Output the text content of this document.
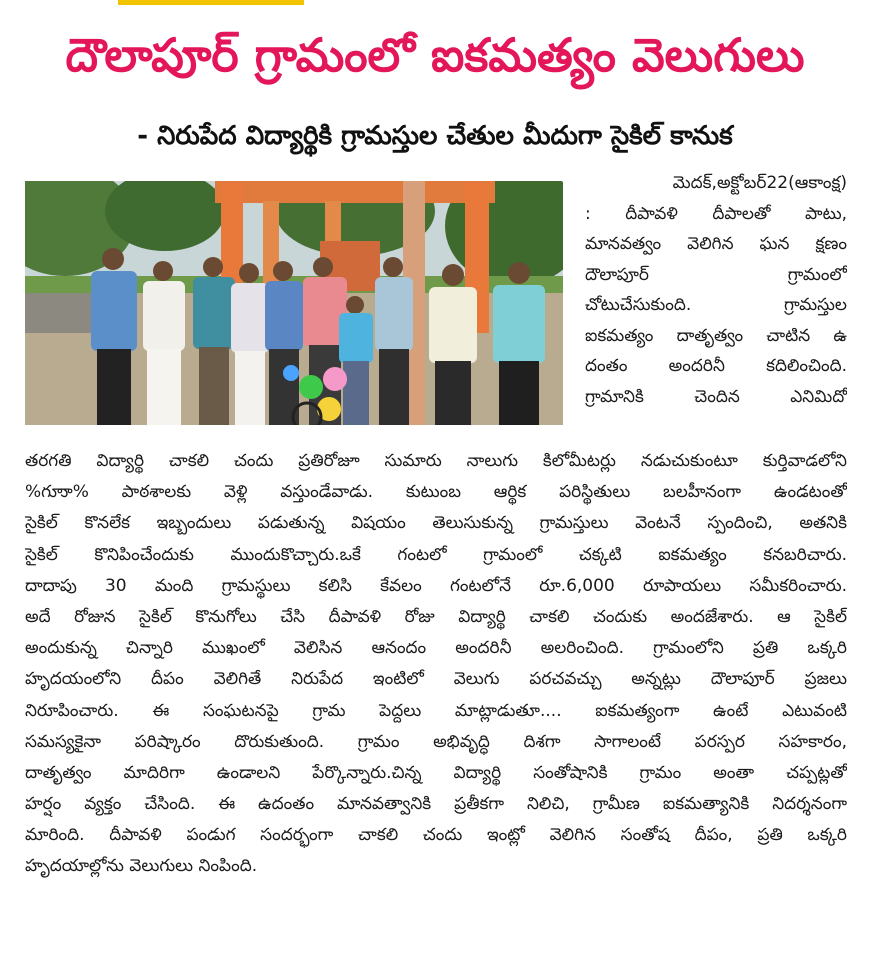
దౌలాపూర్ గ్రామంలో ఐకమత్యం వెలుగులు
- నిరుపేద విద్యార్థికి గ్రామస్తుల చేతుల మీదుగా సైకిల్ కానుక
మెదక్,అక్టోబర్22(ఆకాంక్ష)
: దీపావళి దీపాలతో పాటు,
మానవత్వం వెలిగిన ఘన క్షణం
దౌలాపూర్ గ్రామంలో
చోటుచేసుకుంది. గ్రామస్తుల
ఐకమత్యం దాతృత్వం చాటిన ఉ
దంతం అందరినీ కదిలించింది.
గ్రామానికి చెందిన ఎనిమిదో
తరగతి విద్యార్థి చాకలి చందు ప్రతిరోజూ సుమారు నాలుగు కిలోమీటర్లు నడుచుకుంటూ కుర్తివాడలోని
%గూుా% పాఠశాలకు వెళ్లి వస్తుండేవాడు. కుటుంబ ఆర్థిక పరిస్థితులు బలహీనంగా ఉండటంతో
సైకిల్ కొనలేక ఇబ్బందులు పడుతున్న విషయం తెలుసుకున్న గ్రామస్తులు వెంటనే స్పందించి, అతనికి
సైకిల్ కొనిపించేందుకు ముందుకొచ్చారు.ఒకే గంటలో గ్రామంలో చక్కటి ఐకమత్యం కనబరిచారు.
దాదాపు 30 మంది గ్రామస్థులు కలిసి కేవలం గంటలోనే రూ.6,000 రూపాయలు సమీకరించారు.
అదే రోజున సైకిల్ కొనుగోలు చేసి దీపావళి రోజు విద్యార్థి చాకలి చందుకు అందజేశారు. ఆ సైకిల్
అందుకున్న చిన్నారి ముఖంలో వెలిసిన ఆనందం అందరినీ అలరించింది. గ్రామంలోని ప్రతి ఒక్కరి
హృదయంలోని దీపం వెలిగితే నిరుపేద ఇంటిలో వెలుగు పరచవచ్చు అన్నట్లు దౌలాపూర్ ప్రజలు
నిరూపించారు. ఈ సంఘటనపై గ్రామ పెద్దలు మాట్లాడుతూ.... ఐకమత్యంగా ఉంటే ఎటువంటి
సమస్యకైనా పరిష్కారం దొరుకుతుంది. గ్రామం అభివృద్ధి దిశగా సాగాలంటే పరస్పర సహకారం,
దాతృత్వం మాదిరిగా ఉండాలని పేర్కొన్నారు.చిన్న విద్యార్థి సంతోషానికి గ్రామం అంతా చప్పట్లతో
హర్షం వ్యక్తం చేసింది. ఈ ఉదంతం మానవత్వానికి ప్రతీకగా నిలిచి, గ్రామీణ ఐకమత్యానికి నిదర్శనంగా
మారింది. దీపావళి పండుగ సందర్భంగా చాకలి చందు ఇంట్లో వెలిగిన సంతోష దీపం, ప్రతి ఒక్కరి
హృదయాల్లోను వెలుగులు నింపింది.
